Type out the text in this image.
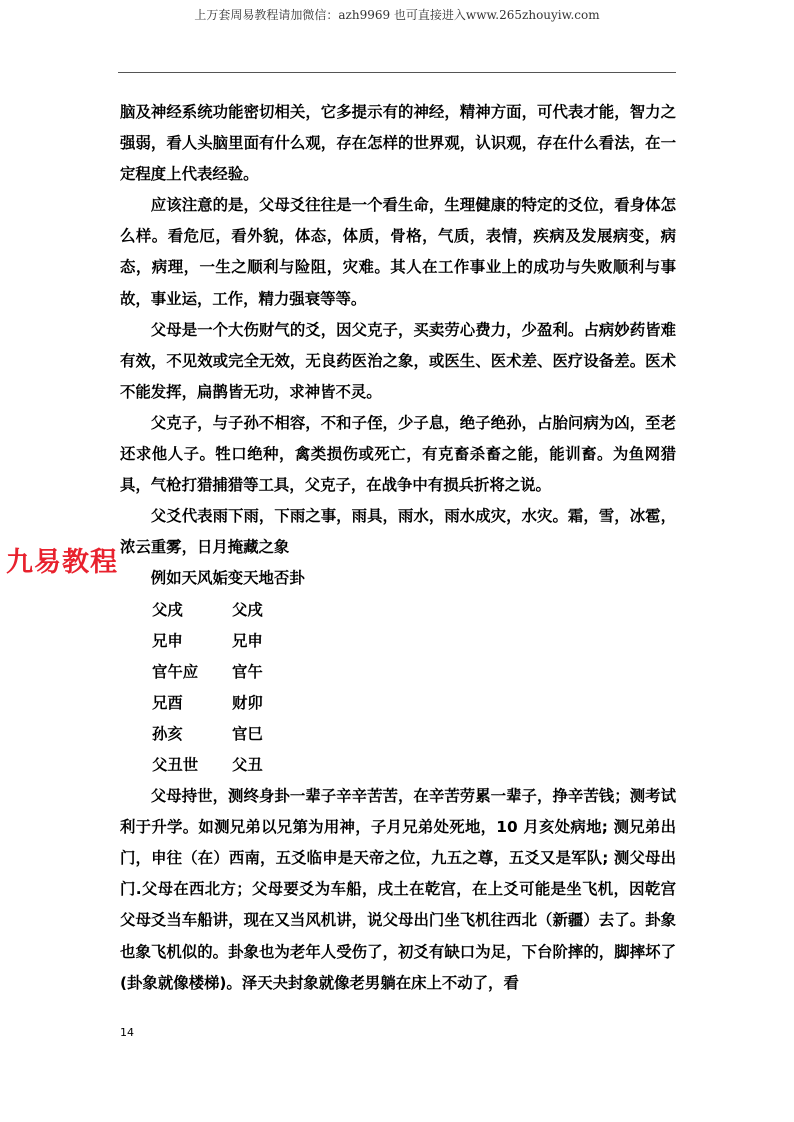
上万套周易教程请加微信：azh9969 也可直接进入www.265zhouyiw.com

脑及神经系统功能密切相关，它多提示有的神经，精神方面，可代表才能，智力之强弱，看人头脑里面有什么观，存在怎样的世界观，认识观，存在什么看法，在一定程度上代表经验。

应该注意的是，父母爻往往是一个看生命，生理健康的特定的爻位，看身体怎么样。看危厄，看外貌，体态，体质，骨格，气质，表情，疾病及发展病变，病态，病理，一生之顺利与险阻，灾难。其人在工作事业上的成功与失败顺利与事故，事业运，工作，精力强衰等等。

父母是一个大伤财气的爻，因父克子，买卖劳心费力，少盈利。占病妙药皆难有效，不见效或完全无效，无良药医治之象，或医生、医术差、医疗设备差。医术不能发挥，扁鹊皆无功，求神皆不灵。

父克子，与子孙不相容，不和子侄，少子息，绝子绝孙，占胎问病为凶，至老还求他人子。牲口绝种，禽类损伤或死亡，有克畜杀畜之能，能训畜。为鱼网猎具，气枪打猎捕猎等工具，父克子，在战争中有损兵折将之说。

父爻代表雨下雨，下雨之事，雨具，雨水，雨水成灾，水灾。霜，雪，冰雹，浓云重雾，日月掩藏之象

例如天风姤变天地否卦

父戌	父戌
兄申	兄申
官午应	官午
兄酉	财卯
孙亥	官巳
父丑世	父丑

父母持世，测终身卦一辈子辛辛苦苦，在辛苦劳累一辈子，挣辛苦钱；测考试利于升学。如测兄弟以兄第为用神，子月兄弟处死地，10 月亥处病地; 测兄弟出门，申往（在）西南，五爻临申是天帝之位，九五之尊，五爻又是军队; 测父母出门.父母在西北方；父母要爻为车船，戌土在乾宫，在上爻可能是坐飞机，因乾宫父母爻当车船讲，现在又当风机讲，说父母出门坐飞机往西北（新疆）去了。卦象也象飞机似的。卦象也为老年人受伤了，初爻有缺口为足，下台阶摔的，脚摔坏了(卦象就像楼梯)。泽天夬封象就像老男躺在床上不动了，看

九易教程
14
